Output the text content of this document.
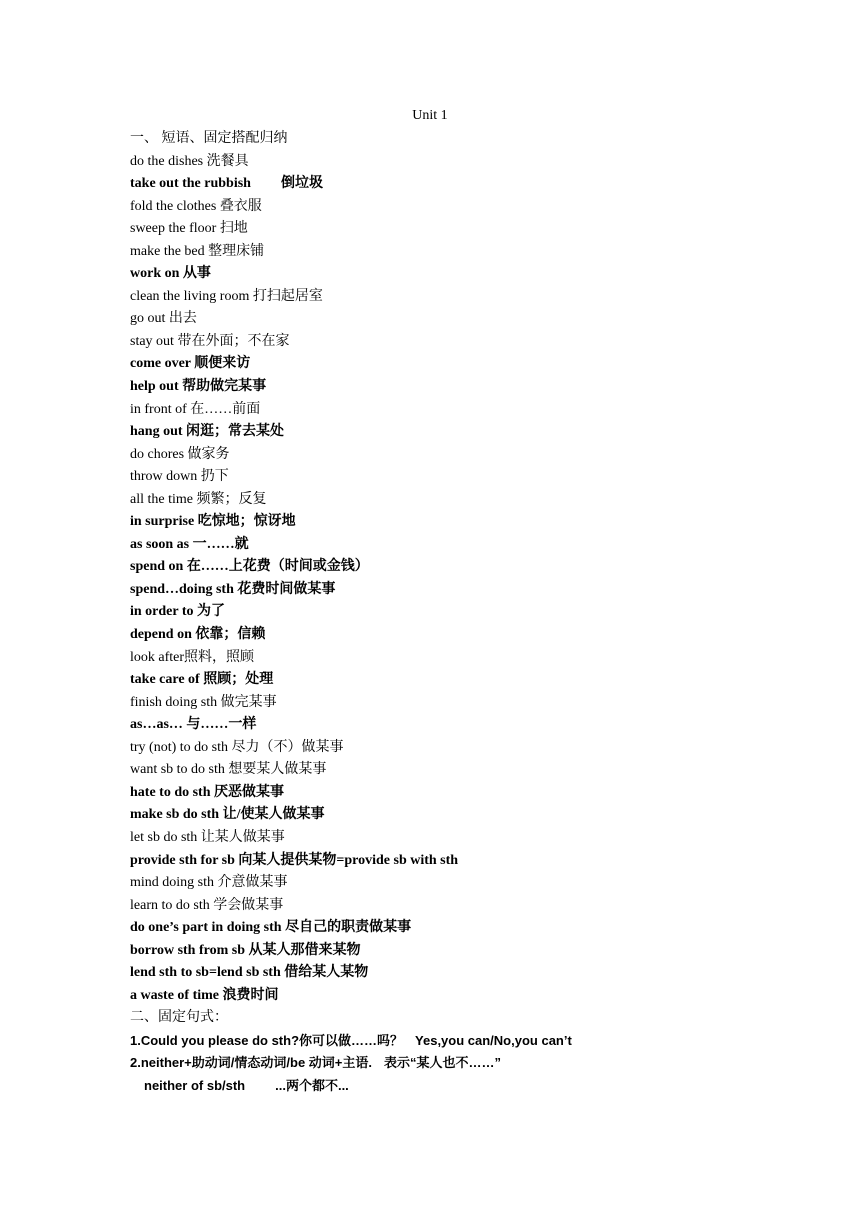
Unit 1
一、 短语、固定搭配归纳
do the dishes 洗餐具
take out the rubbish 倒垃圾
fold the clothes 叠衣服
sweep the floor 扫地
make the bed 整理床铺
work on 从事
clean the living room 打扫起居室
go out 出去
stay out 带在外面；不在家
come over 顺便来访
help out 帮助做完某事
in front of 在……前面
hang out 闲逛；常去某处
do chores 做家务
throw down 扔下
all the time 频繁；反复
in surprise 吃惊地；惊讶地
as soon as 一……就
spend on 在……上花费（时间或金钱）
spend…doing sth 花费时间做某事
in order to 为了
depend on 依靠；信赖
look after照料，照顾
take care of 照顾；处理
finish doing sth 做完某事
as…as… 与……一样
try (not) to do sth 尽力（不）做某事
want sb to do sth 想要某人做某事
hate to do sth 厌恶做某事
make sb do sth 让/使某人做某事
let sb do sth 让某人做某事
provide sth for sb 向某人提供某物=provide sb with sth
mind doing sth 介意做某事
learn to do sth 学会做某事
do one’s part in doing sth 尽自己的职责做某事
borrow sth from sb 从某人那借来某物
lend sth to sb=lend sb sth 借给某人某物
a waste of time 浪费时间
二、固定句式：
1.Could you please do sth?你可以做……吗？ Yes,you can/No,you can’t
2.neither+助动词/情态动词/be 动词+主语. 表示“某人也不……”
neither of sb/sth ...两个都不...
